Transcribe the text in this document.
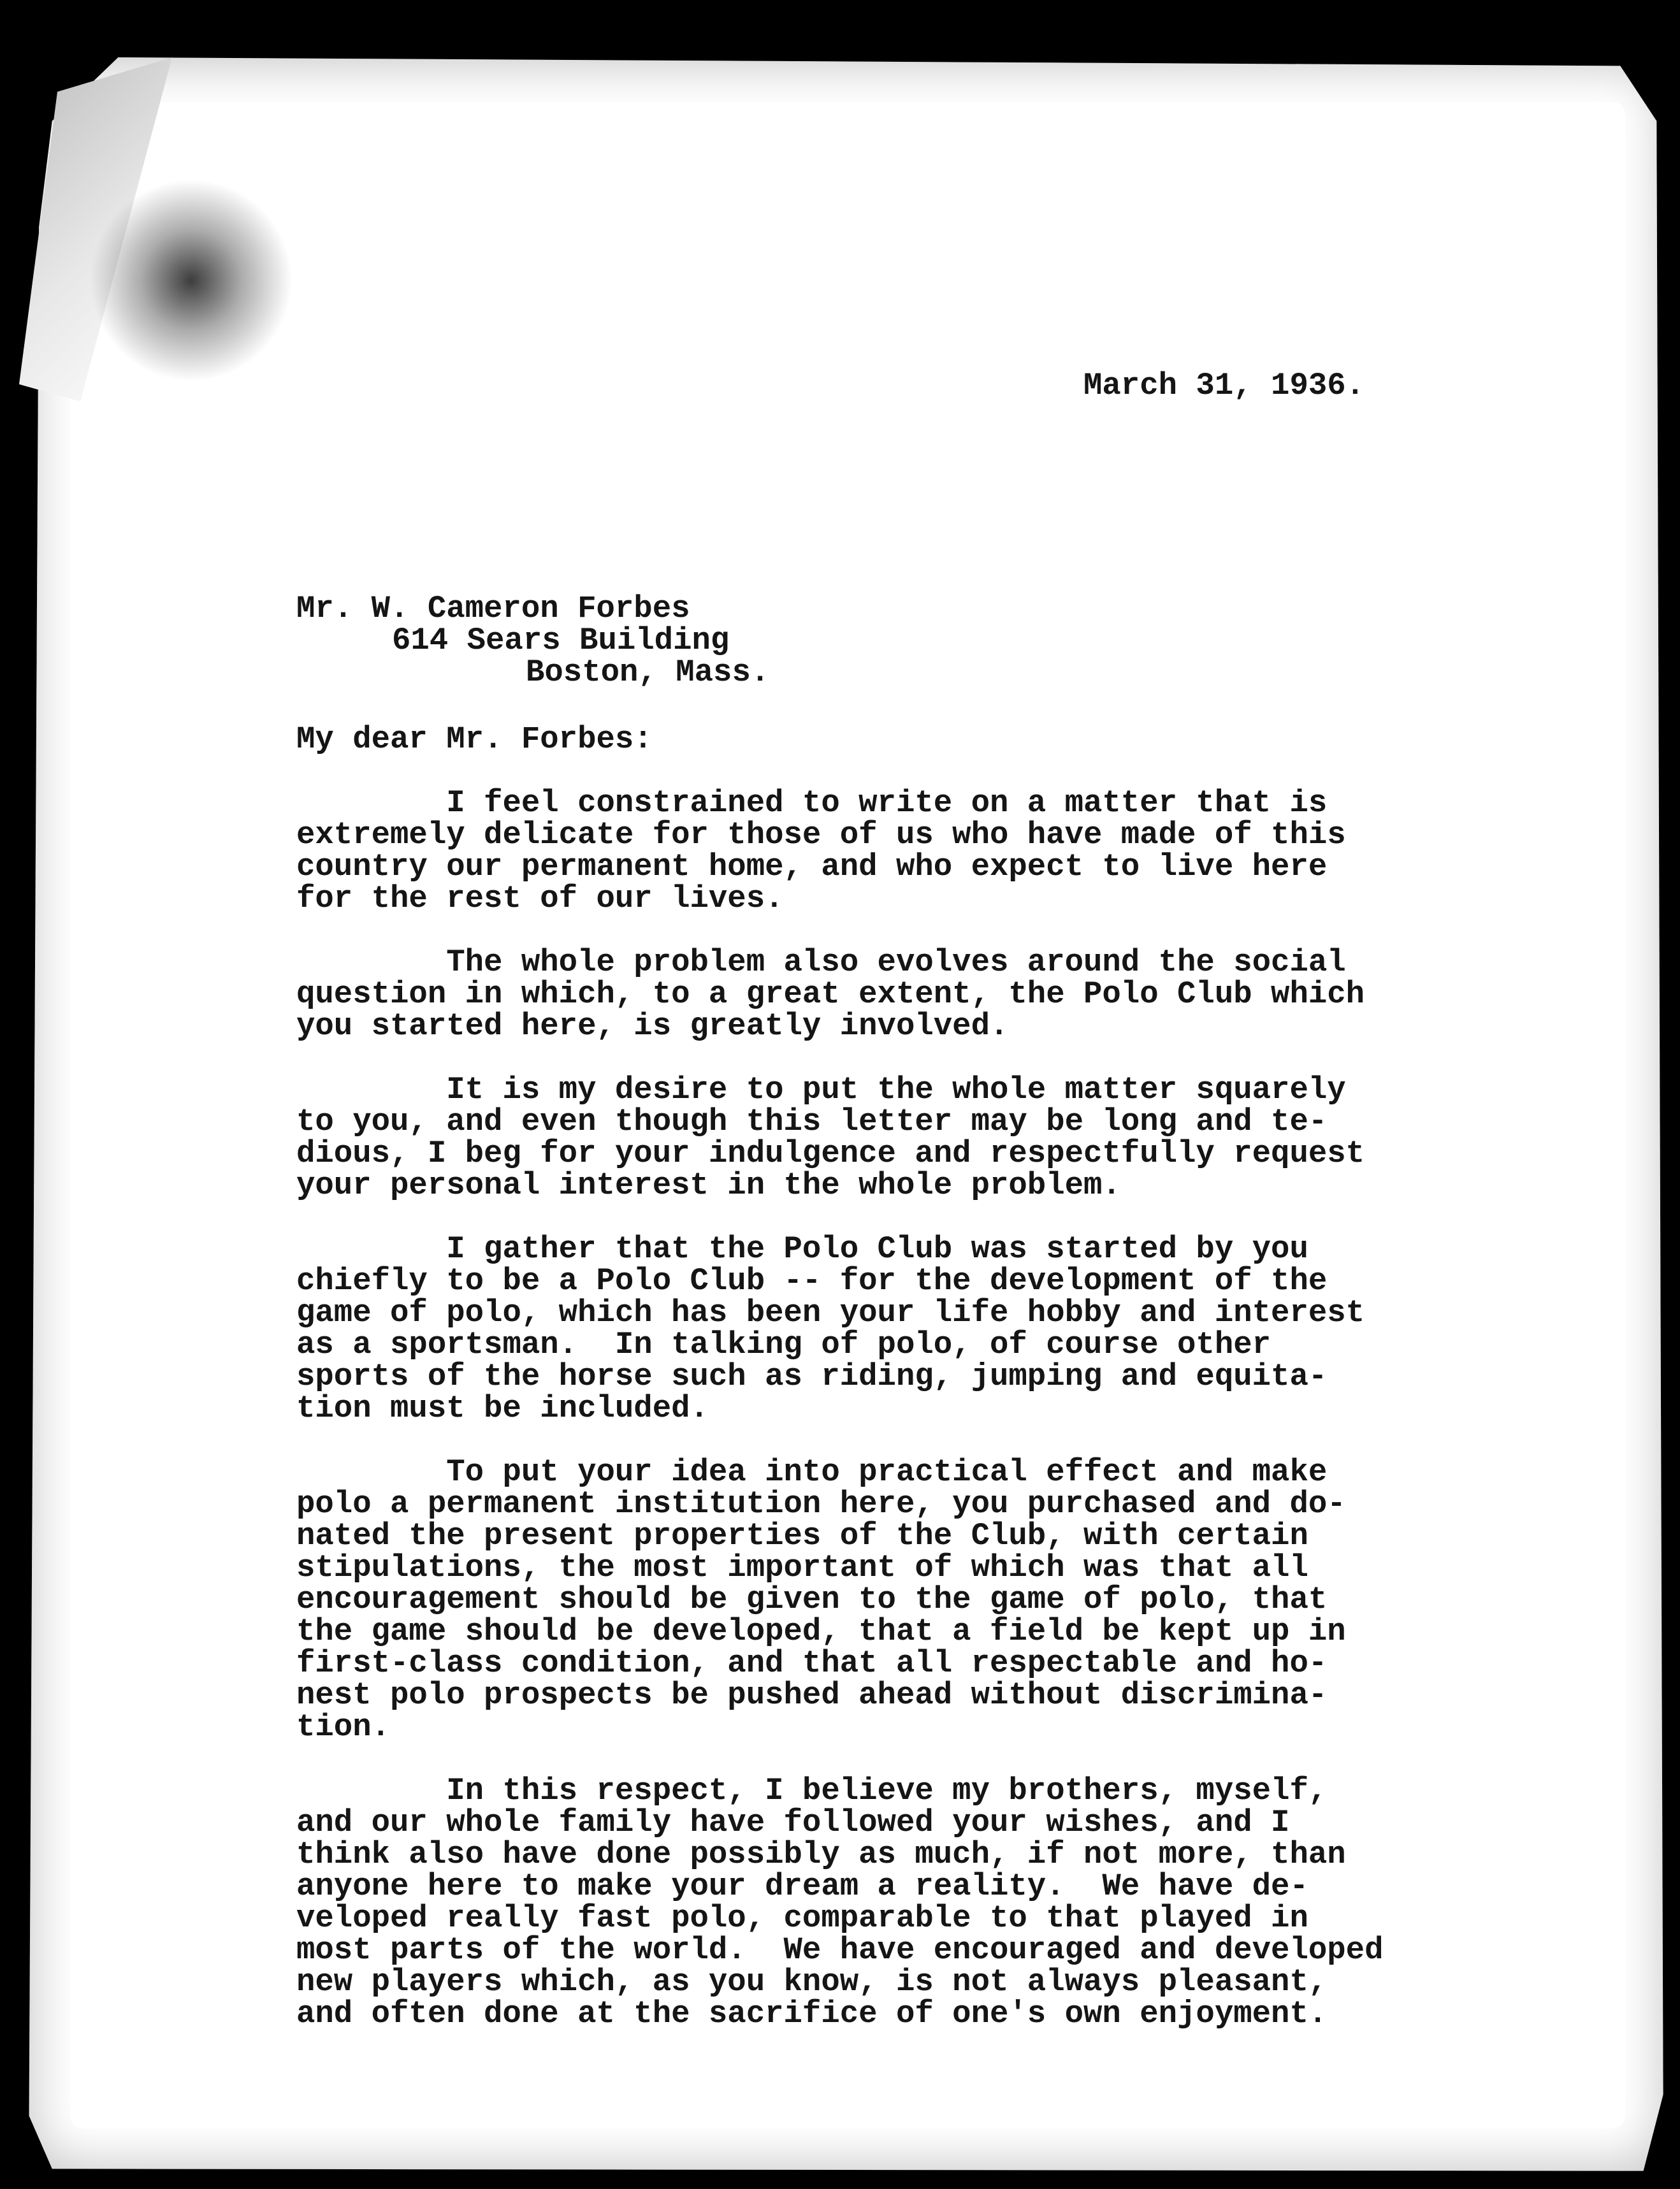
March 31, 1936.
Mr. W. Cameron Forbes
614 Sears Building
Boston, Mass.
My dear Mr. Forbes:
I feel constrained to write on a matter that is
extremely delicate for those of us who have made of this
country our permanent home, and who expect to live here
for the rest of our lives.
The whole problem also evolves around the social
question in which, to a great extent, the Polo Club which
you started here, is greatly involved.
It is my desire to put the whole matter squarely
to you, and even though this letter may be long and te-
dious, I beg for your indulgence and respectfully request
your personal interest in the whole problem.
I gather that the Polo Club was started by you
chiefly to be a Polo Club -- for the development of the
game of polo, which has been your life hobby and interest
as a sportsman.  In talking of polo, of course other
sports of the horse such as riding, jumping and equita-
tion must be included.
To put your idea into practical effect and make
polo a permanent institution here, you purchased and do-
nated the present properties of the Club, with certain
stipulations, the most important of which was that all
encouragement should be given to the game of polo, that
the game should be developed, that a field be kept up in
first-class condition, and that all respectable and ho-
nest polo prospects be pushed ahead without discrimina-
tion.
In this respect, I believe my brothers, myself,
and our whole family have followed your wishes, and I
think also have done possibly as much, if not more, than
anyone here to make your dream a reality.  We have de-
veloped really fast polo, comparable to that played in
most parts of the world.  We have encouraged and developed
new players which, as you know, is not always pleasant,
and often done at the sacrifice of one's own enjoyment.
